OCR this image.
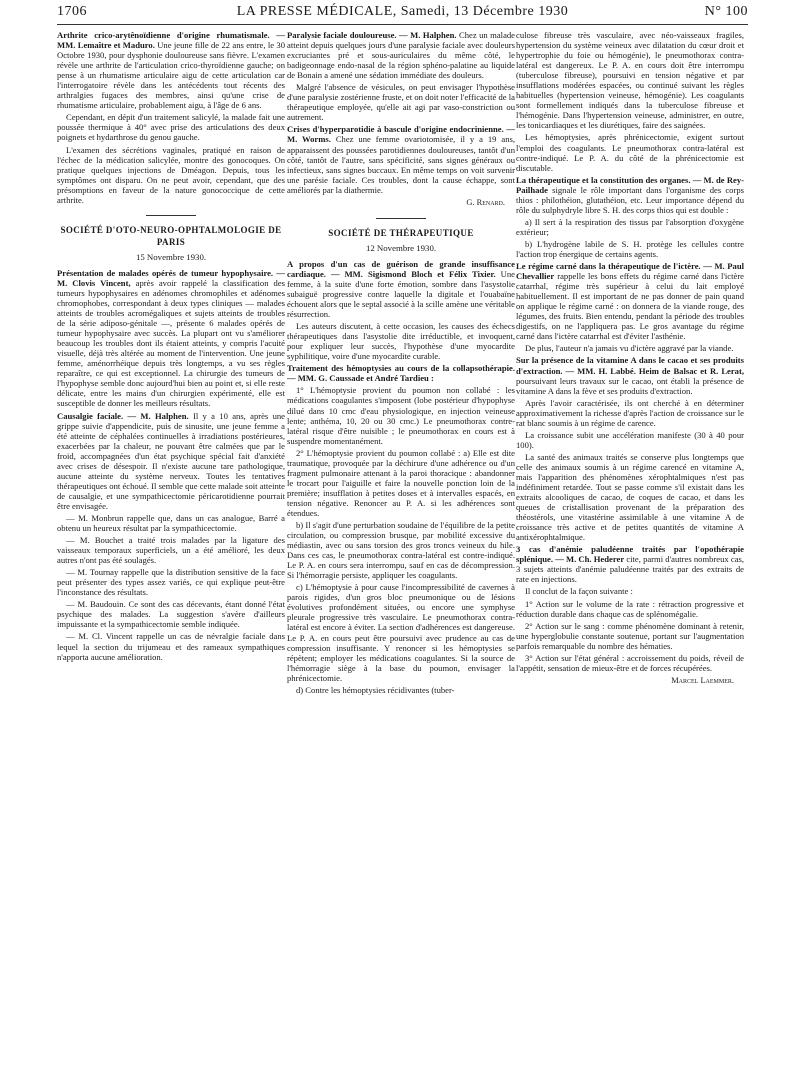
1706	LA PRESSE MÉDICALE, Samedi, 13 Décembre 1930	N° 100

Arthrite crico-arytênoïdienne d'origine rhumatismale. — MM. Lemaître et Maduro. Une jeune fille de 22 ans entre, le 30 Octobre 1930, pour dysphonie douloureuse sans fièvre. L'examen révèle une arthrite de l'articulation crico-thyroïdienne gauche; on pense à un rhumatisme articulaire aigu de cette articulation car l'interrogatoire révèle dans les antécédents tout récents des arthralgies fugaces des membres, ainsi qu'une crise de rhumatisme articulaire, probablement aigu, à l'âge de 6 ans.

Cependant, en dépit d'un traitement salicylé, la malade fait une poussée thermique à 40° avec prise des articulations des deux poignets et hydarthrose du genou gauche.

L'examen des sécrétions vaginales, pratiqué en raison de l'échec de la médication salicylée, montre des gonocoques. On pratique quelques injections de Dméagon. Depuis, tous les symptômes ont disparu. On ne peut avoir, cependant, que des présomptions en faveur de la nature gonococcique de cette arthrite.

SOCIÉTÉ D'OTO-NEURO-OPHTALMOLOGIE DE PARIS
15 Novembre 1930.

Présentation de malades opérés de tumeur hypophysaire. — M. Clovis Vincent, après avoir rappelé la classification des tumeurs hypophysaires en adénomes chromophiles et adénomes chromophobes, correspondant à deux types cliniques — malades atteints de troubles acromégaliques et sujets atteints de troubles de la série adiposo-génitale —, présente 6 malades opérés de tumeur hypophysaire avec succès. La plupart ont vu s'améliorer beaucoup les troubles dont ils étaient atteints, y compris l'acuité visuelle, déjà très altérée au moment de l'intervention. Une jeune femme, aménorrhéique depuis très longtemps, a vu ses règles reparaître, ce qui est exceptionnel. La chirurgie des tumeurs de l'hypophyse semble donc aujourd'hui bien au point et, si elle reste délicate, entre les mains d'un chirurgien expérimenté, elle est susceptible de donner les meilleurs résultats.

Causalgie faciale. — M. Halphen. Il y a 10 ans, après une grippe suivie d'appendicite, puis de sinusite, une jeune femme a été atteinte de céphalées continuelles à irradiations postérieures, exacerbées par la chaleur, ne pouvant être calmées que par le froid, accompagnées d'un état psychique spécial fait d'anxiété avec crises de désespoir. Il n'existe aucune tare pathologique, aucune atteinte du système nerveux. Toutes les tentatives thérapeutiques ont échoué. Il semble que cette malade soit atteinte de causalgie, et une sympathicectomie péricarotidienne pourrait être envisagée.

— M. Monbrun rappelle que, dans un cas analogue, Barré a obtenu un heureux résultat par la sympathicectomie.

— M. Bouchet a traité trois malades par la ligature des vaisseaux temporaux superficiels, un a été amélioré, les deux autres n'ont pas été soulagés.

— M. Tournay rappelle que la distribution sensitive de la face peut présenter des types assez variés, ce qui explique peut-être l'inconstance des résultats.

— M. Baudouin. Ce sont des cas décevants, étant donné l'état psychique des malades. La suggestion s'avère d'ailleurs impuissante et la sympathicectomie semble indiquée.

— M. Cl. Vincent rappelle un cas de névralgie faciale dans lequel la section du trijumeau et des rameaux sympathiques n'apporta aucune amélioration.

Paralysie faciale douloureuse. — M. Halphen. Chez un malade atteint depuis quelques jours d'une paralysie faciale avec douleurs excruciantes pré et sous-auriculaires du même côté, le badigeonnage endo-nasal de la région sphéno-palatine au liquide de Bonain a amené une sédation immédiate des douleurs.

Malgré l'absence de vésicules, on peut envisager l'hypothèse d'une paralysie zostérienne fruste, et on doit noter l'efficacité de la thérapeutique employée, qu'elle ait agi par vaso-constriction ou autrement.

Crises d'hyperparotidie à bascule d'origine endocrinienne. — M. Worms. Chez une femme ovariotomisée, il y a 19 ans, apparaissent des poussées parotidiennes douloureuses, tantôt d'un côté, tantôt de l'autre, sans spécificité, sans signes généraux ou infectieux, sans signes buccaux. En même temps on voit survenir une parésie faciale. Ces troubles, dont la cause échappe, sont améliorés par la diathermie.

G. Renard.
SOCIÉTÉ DE THÉRAPEUTIQUE
12 Novembre 1930.

A propos d'un cas de guérison de grande insuffisance cardiaque. — MM. Sigismond Bloch et Félix Tixier. Une femme, à la suite d'une forte émotion, sombre dans l'asystolie subaiguë progressive contre laquelle la digitale et l'ouabaïne échouent alors que le septal associé à la scille amène une véritable résurrection.

Les auteurs discutent, à cette occasion, les causes des échecs thérapeutiques dans l'asystolie dite irréductible, et invoquent, pour expliquer leur succès, l'hypothèse d'une myocardite syphilitique, voire d'une myocardite curable.

Traitement des hémoptysies au cours de la collapsothérapie. — MM. G. Caussade et André Tardieu :

1° L'hémoptysie provient du poumon non collabé : les médications coagulantes s'imposent (lobe postérieur d'hypophyse dilué dans 10 cmc d'eau physiologique, en injection veineuse lente; anthéma, 10, 20 ou 30 cmc.) Le pneumothorax contre-latéral risque d'être nuisible ; le pneumothorax en cours est à suspendre momentanément.

2° L'hémoptysie provient du poumon collabé : a) Elle est dite traumatique, provoquée par la déchirure d'une adhérence ou d'un fragment pulmonaire attenant à la paroi thoracique : abandonner le trocart pour l'aiguille et faire la nouvelle ponction loin de la première; insufflation à petites doses et à intervalles espacés, en tension négative. Renoncer au P. A. si les adhérences sont étendues.

b) Il s'agit d'une perturbation soudaine de l'équilibre de la petite circulation, ou compression brusque, par mobilité excessive du médiastin, avec ou sans torsion des gros troncs veineux du hile. Dans ces cas, le pneumothorax contra-latéral est contre-indiqué. Le P. A. en cours sera interrompu, sauf en cas de décompression. Si l'hémorragie persiste, appliquer les coagulants.

c) L'hémoptysie à pour cause l'incompressibilité de cavernes à parois rigides, d'un gros bloc pneumonique ou de lésions évolutives profondément situées, ou encore une symphyse pleurale progressive très vasculaire. Le pneumothorax contra-latéral est encore à éviter. La section d'adhérences est dangereuse. Le P. A. en cours peut être poursuivi avec prudence au cas de compression insuffisante. Y renoncer si les hémoptysies se répètent; employer les médications coagulantes. Si la source de l'hémorragie siège à la base du poumon, envisager la phrénicectomie.

d) Contre les hémoptysies récidivantes (tuber-

culose fibreuse très vasculaire, avec néo-vaisseaux fragiles, hypertension du système veineux avec dilatation du cœur droit et hypertrophie du foie ou hémogénie), le pneumothorax contra-latéral est dangereux. Le P. A. en cours doit être interrompu (tuberculose fibreuse), poursuivi en tension négative et par insufflations modérées espacées, ou continué suivant les règles habituelles (hypertension veineuse, hémogénie). Les coagulants sont formellement indiqués dans la tuberculose fibreuse et l'hémogénie. Dans l'hypertension veineuse, administrer, en outre, les tonicardiaques et les diurétiques, faire des saignées.

Les hémoptysies, après phrénicectomie, exigent surtout l'emploi des coagulants. Le pneumothorax contra-latéral est contre-indiqué. Le P. A. du côté de la phrénicectomie est discutable.

La thérapeutique et la constitution des organes. — M. de Rey-Pailhade signale le rôle important dans l'organisme des corps thios : philothéion, glutathéion, etc. Leur importance dépend du rôle du sulphydryle libre S. H. des corps thios qui est double :

a) Il sert à la respiration des tissus par l'absorption d'oxygène extérieur;

b) L'hydrogène labile de S. H. protège les cellules contre l'action trop énergique de certains agents.

Le régime carné dans la thérapeutique de l'ictère. — M. Paul Chevallier rappelle les bons effets du régime carné dans l'ictère catarrhal, régime très supérieur à celui du lait employé habituellement. Il est important de ne pas donner de pain quand on applique le régime carné : on donnera de la viande rouge, des légumes, des fruits. Bien entendu, pendant la période des troubles digestifs, on ne l'appliquera pas. Le gros avantage du régime carné dans l'ictère catarrhal est d'éviter l'asthénie.

De plus, l'auteur n'a jamais vu d'ictère aggravé par la viande.

Sur la présence de la vitamine A dans le cacao et ses produits d'extraction. — MM. H. Labbé. Heim de Balsac et R. Lerat, poursuivant leurs travaux sur le cacao, ont établi la présence de vitamine A dans la fève et ses produits d'extraction.

Après l'avoir caractérisée, ils ont cherché à en déterminer approximativement la richesse d'après l'action de croissance sur le rat blanc soumis à un régime de carence.

La croissance subit une accélération manifeste (30 à 40 pour 100).

La santé des animaux traités se conserve plus longtemps que celle des animaux soumis à un régime carencé en vitamine A, mais l'apparition des phénomènes xérophtalmiques n'est pas indéfiniment retardée. Tout se passe comme s'il existait dans les extraits alcooliques de cacao, de coques de cacao, et dans les queues de cristallisation provenant de la préparation des théostérols, une vitastérine assimilable à une vitamine A de croissance très active et de petites quantités de vitamine A antixérophtalmique.

3 cas d'anémie paludéenne traités par l'opothérapie splénique. — M. Ch. Hederer cite, parmi d'autres nombreux cas, 3 sujets atteints d'anémie paludéenne traités par des extraits de rate en injections.

Il conclut de la façon suivante :

1° Action sur le volume de la rate : rétraction progressive et réduction durable dans chaque cas de splénomégalie.

2° Action sur le sang : comme phénomène dominant à retenir, une hyperglobulie constante soutenue, portant sur l'augmentation parfois remarquable du nombre des hématies.

3° Action sur l'état général : accroissement du poids, réveil de l'appétit, sensation de mieux-être et de forces récupérées.

Marcel Laemmer.
